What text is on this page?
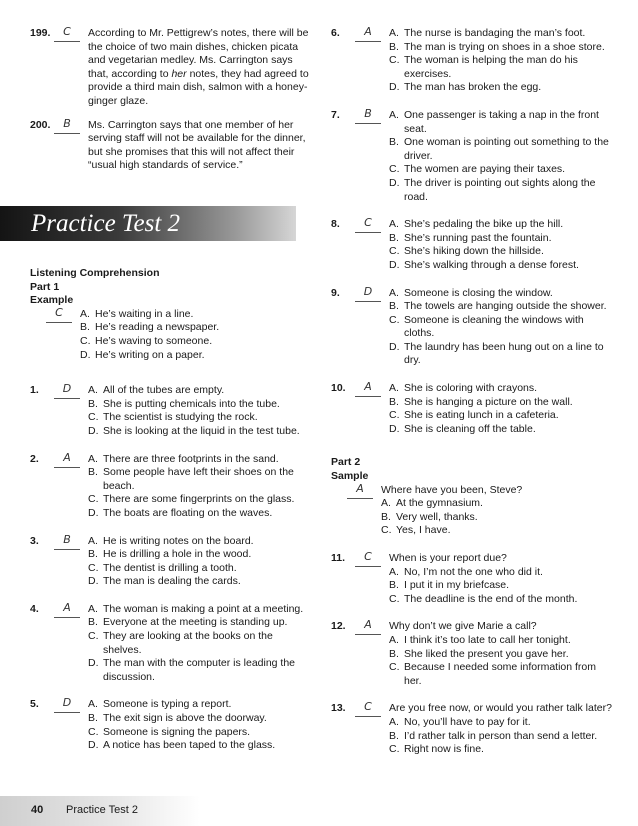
Practice Test 2
199.	C	According to Mr. Pettigrew’s notes, there will be the choice of two main dishes, chicken picata and vegetarian medley. Ms. Carrington says that, according to her notes, they had agreed to provide a third main dish, salmon with a honey-ginger glaze.
200.	B	Ms. Carrington says that one member of her serving staff will not be available for the dinner, but she promises that this will not affect their “usual high standards of service.”
Listening Comprehension
Part 1
Example
C	A. He’s waiting in a line.
B. He’s reading a newspaper.
C. He’s waving to someone.
D. He’s writing on a paper.
1.	D	A. All of the tubes are empty.
B. She is putting chemicals into the tube.
C. The scientist is studying the rock.
D. She is looking at the liquid in the test tube.
2.	A	A. There are three footprints in the sand.
B. Some people have left their shoes on the beach.
C. There are some fingerprints on the glass.
D. The boats are floating on the waves.
3.	B	A. He is writing notes on the board.
B. He is drilling a hole in the wood.
C. The dentist is drilling a tooth.
D. The man is dealing the cards.
4.	A	A. The woman is making a point at a meeting.
B. Everyone at the meeting is standing up.
C. They are looking at the books on the shelves.
D. The man with the computer is leading the discussion.
5.	D	A. Someone is typing a report.
B. The exit sign is above the doorway.
C. Someone is signing the papers.
D. A notice has been taped to the glass.
6.	A	A. The nurse is bandaging the man’s foot.
B. The man is trying on shoes in a shoe store.
C. The woman is helping the man do his exercises.
D. The man has broken the egg.
7.	B	A. One passenger is taking a nap in the front seat.
B. One woman is pointing out something to the driver.
C. The women are paying their taxes.
D. The driver is pointing out sights along the road.
8.	C	A. She’s pedaling the bike up the hill.
B. She’s running past the fountain.
C. She’s hiking down the hillside.
D. She’s walking through a dense forest.
9.	D	A. Someone is closing the window.
B. The towels are hanging outside the shower.
C. Someone is cleaning the windows with cloths.
D. The laundry has been hung out on a line to dry.
10.	A	A. She is coloring with crayons.
B. She is hanging a picture on the wall.
C. She is eating lunch in a cafeteria.
D. She is cleaning off the table.
Part 2
Sample
A	Where have you been, Steve?
A. At the gymnasium.
B. Very well, thanks.
C. Yes, I have.
11.	C	When is your report due?
A. No, I’m not the one who did it.
B. I put it in my briefcase.
C. The deadline is the end of the month.
12.	A	Why don’t we give Marie a call?
A. I think it’s too late to call her tonight.
B. She liked the present you gave her.
C. Because I needed some information from her.
13.	C	Are you free now, or would you rather talk later?
A. No, you’ll have to pay for it.
B. I’d rather talk in person than send a letter.
C. Right now is fine.
40 Practice Test 2
